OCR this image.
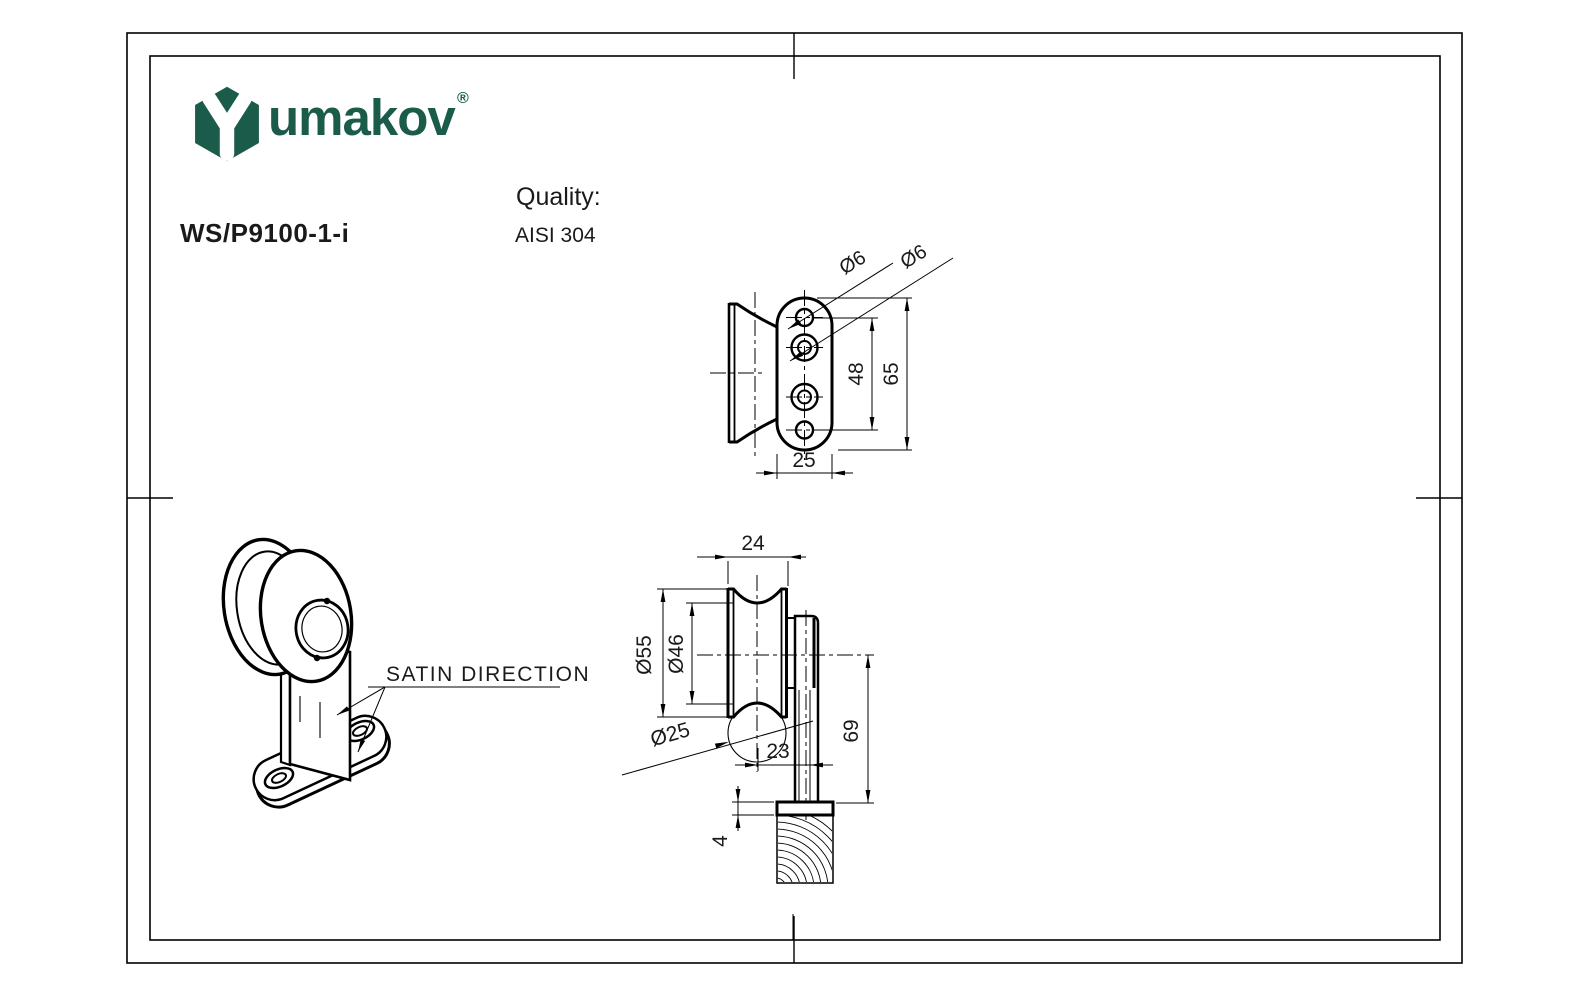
umakov ®
WS/P9100-1-i
Quality:
AISI 304
Ø6 Ø6
48 65
25
24
Ø55 Ø46
Ø25
23
69
4
SATIN DIRECTION
